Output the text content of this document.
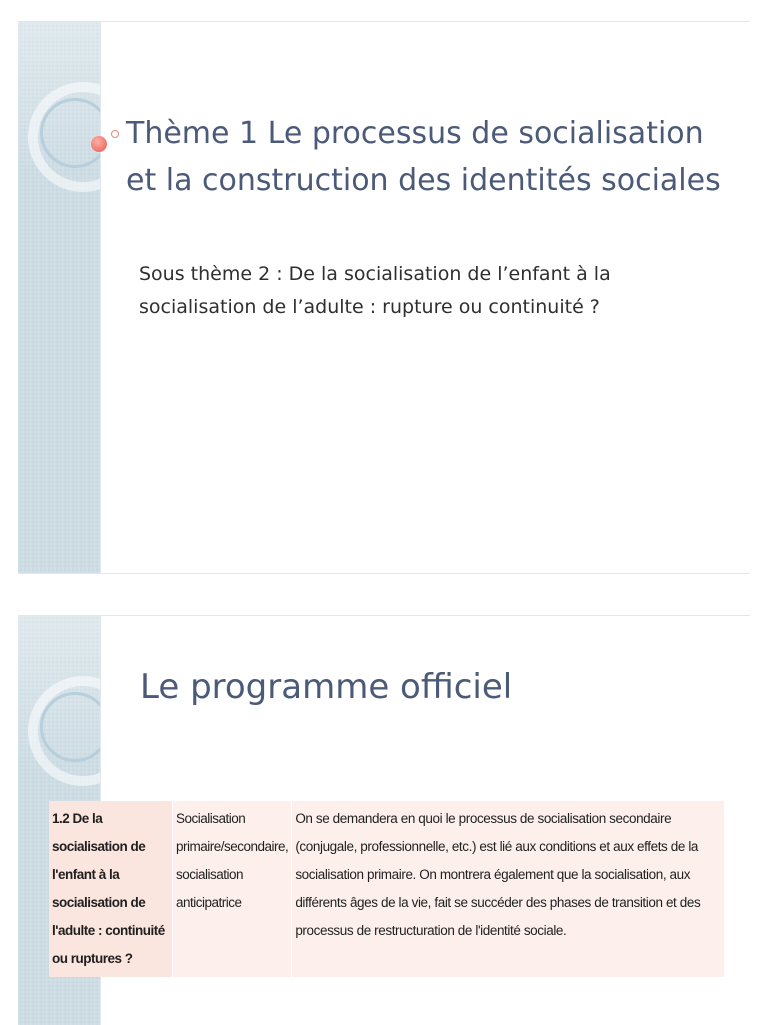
Thème 1 Le processus de socialisation et la construction des identités sociales
Sous thème 2 : De la socialisation de l’enfant à la socialisation de l’adulte : rupture ou continuité ?
Le programme officiel
1.2 De la socialisation de l'enfant à la socialisation de l'adulte : continuité ou ruptures ?	Socialisation primaire/secondaire, socialisation anticipatrice	On se demandera en quoi le processus de socialisation secondaire (conjugale, professionnelle, etc.) est lié aux conditions et aux effets de la socialisation primaire. On montrera également que la socialisation, aux différents âges de la vie, fait se succéder des phases de transition et des processus de restructuration de l'identité sociale.
